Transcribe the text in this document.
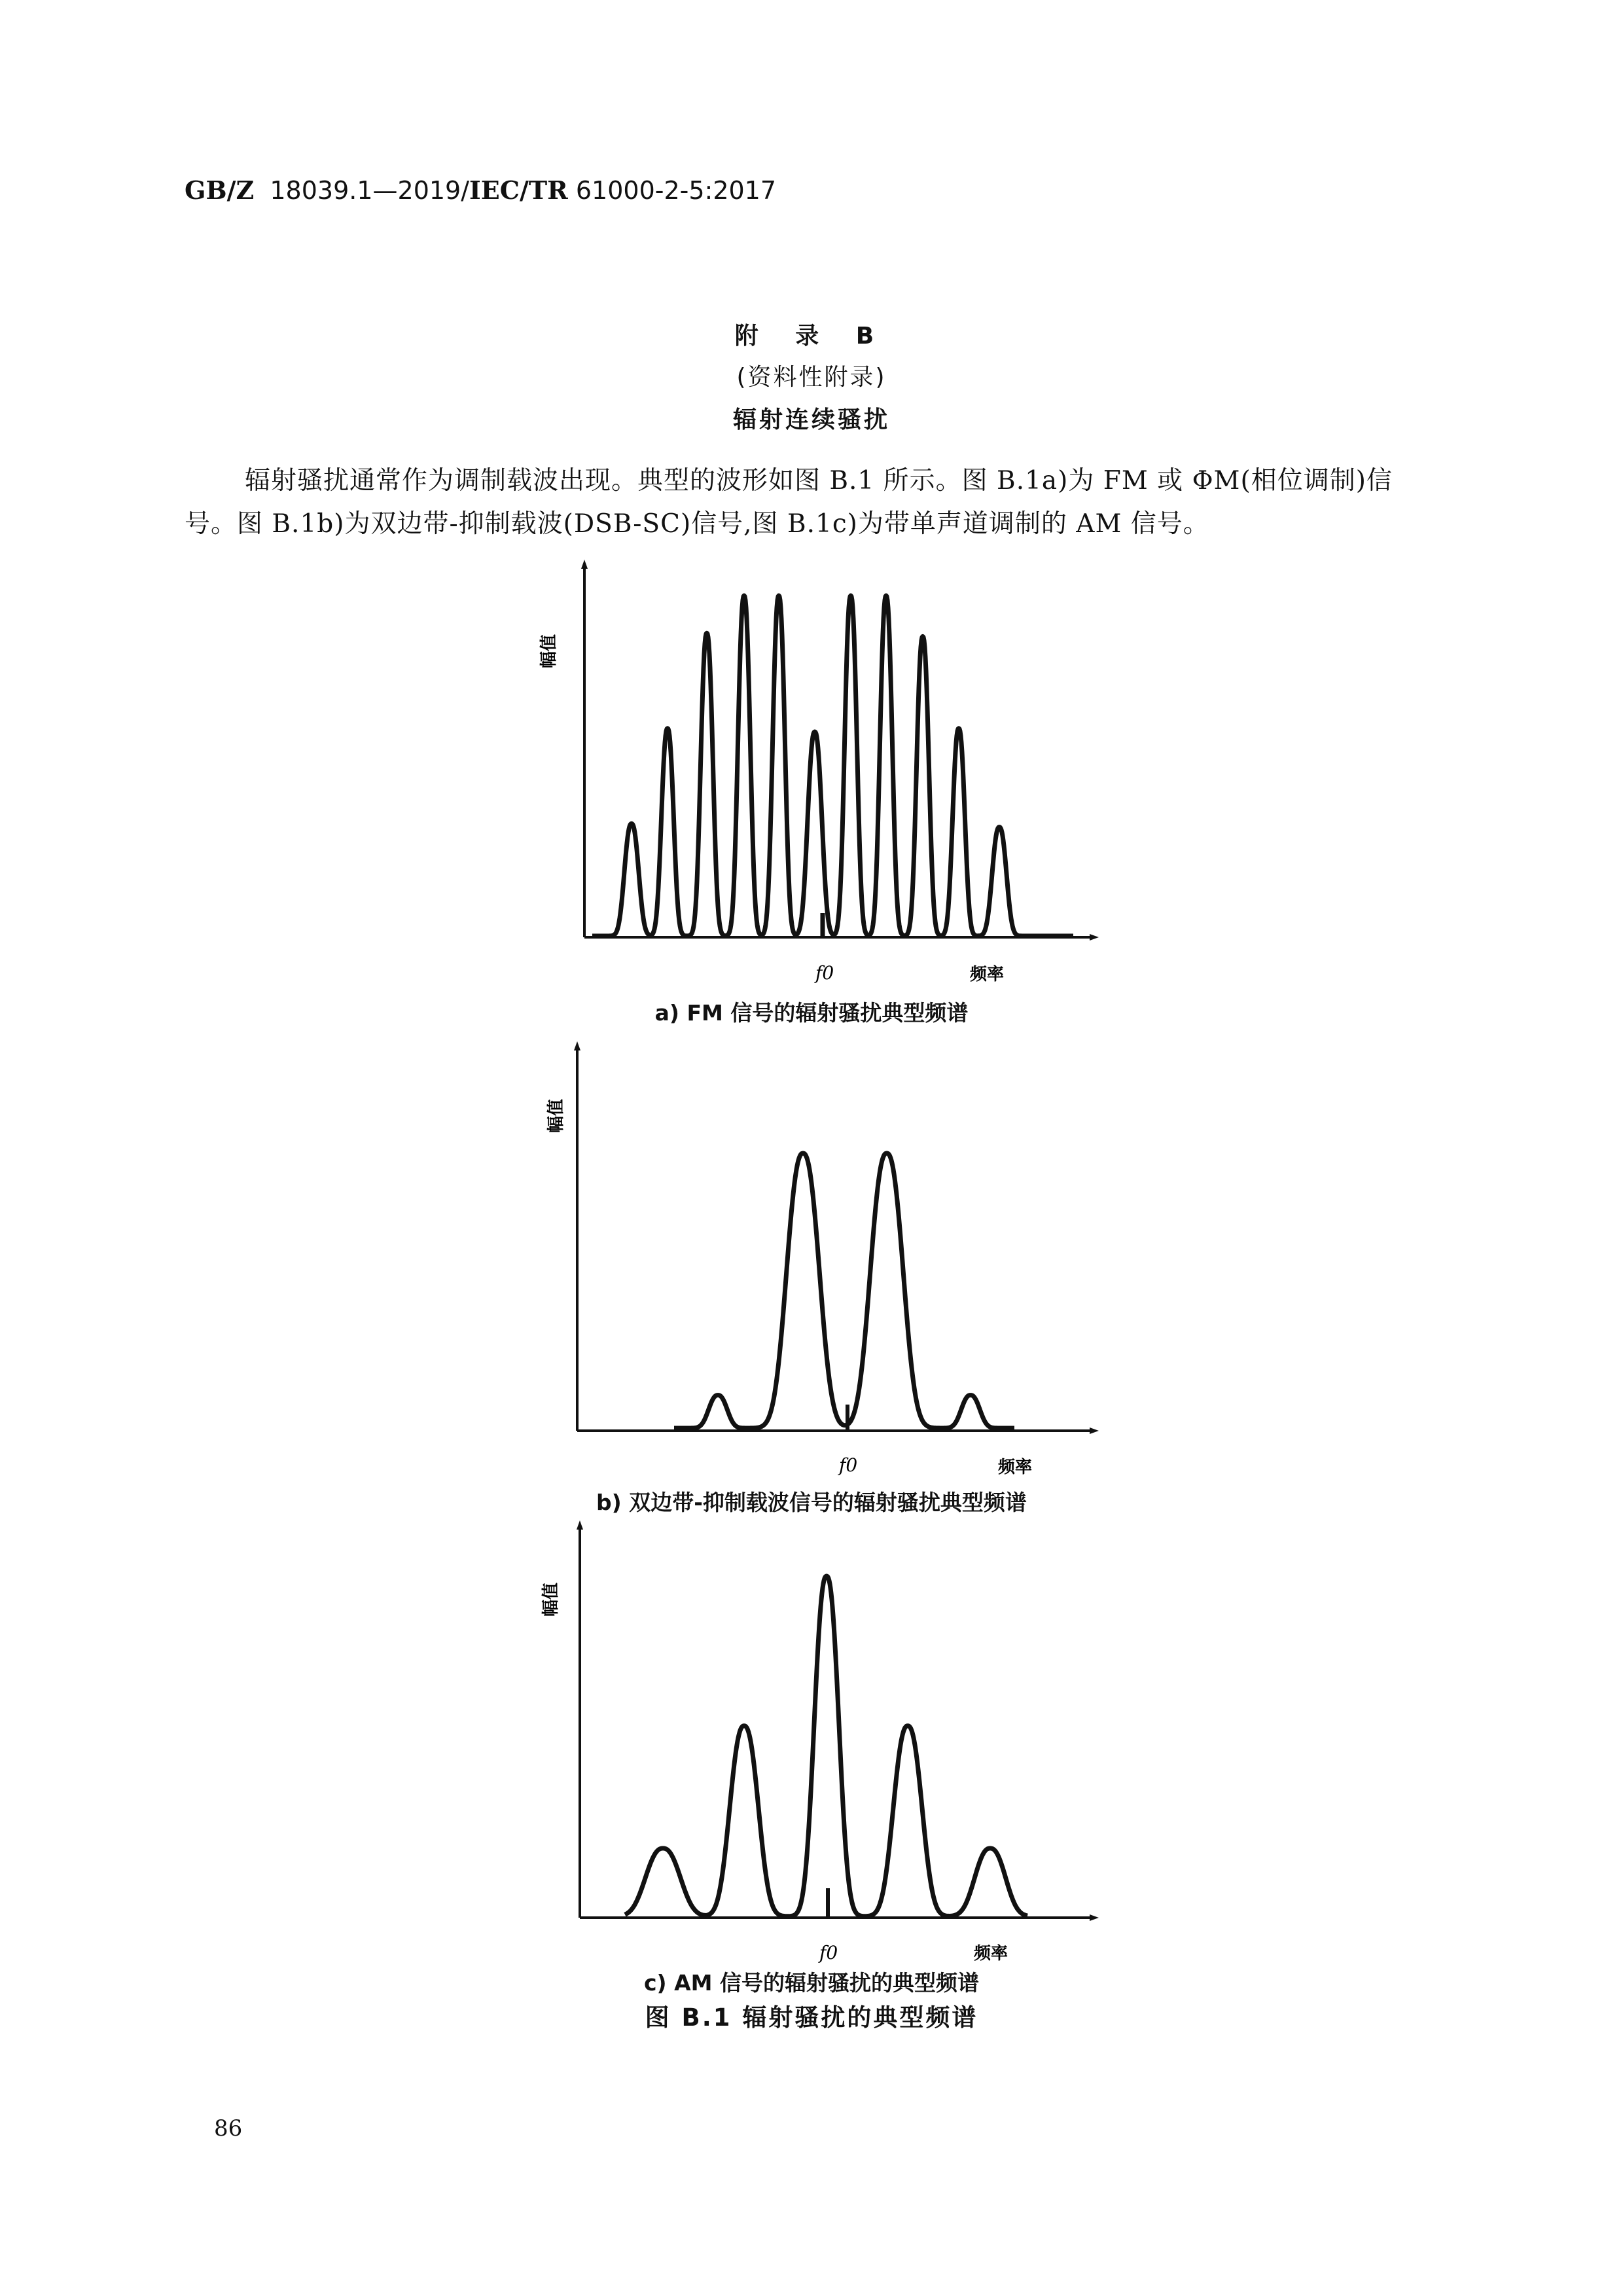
GB/Z 18039.1—2019/IEC/TR 61000-2-5:2017
附 录 B
(资料性附录)
辐射连续骚扰
辐射骚扰通常作为调制载波出现。典型的波形如图 B.1 所示。图 B.1a)为 FM 或 ΦM(相位调制)信号。图 B.1b)为双边带-抑制载波(DSB-SC)信号,图 B.1c)为带单声道调制的 AM 信号。
幅值
f0	频率
幅值
f0	频率
幅值
f0	频率
a) FM 信号的辐射骚扰典型频谱
b) 双边带-抑制载波信号的辐射骚扰典型频谱
c) AM 信号的辐射骚扰的典型频谱
图 B.1 辐射骚扰的典型频谱
86
